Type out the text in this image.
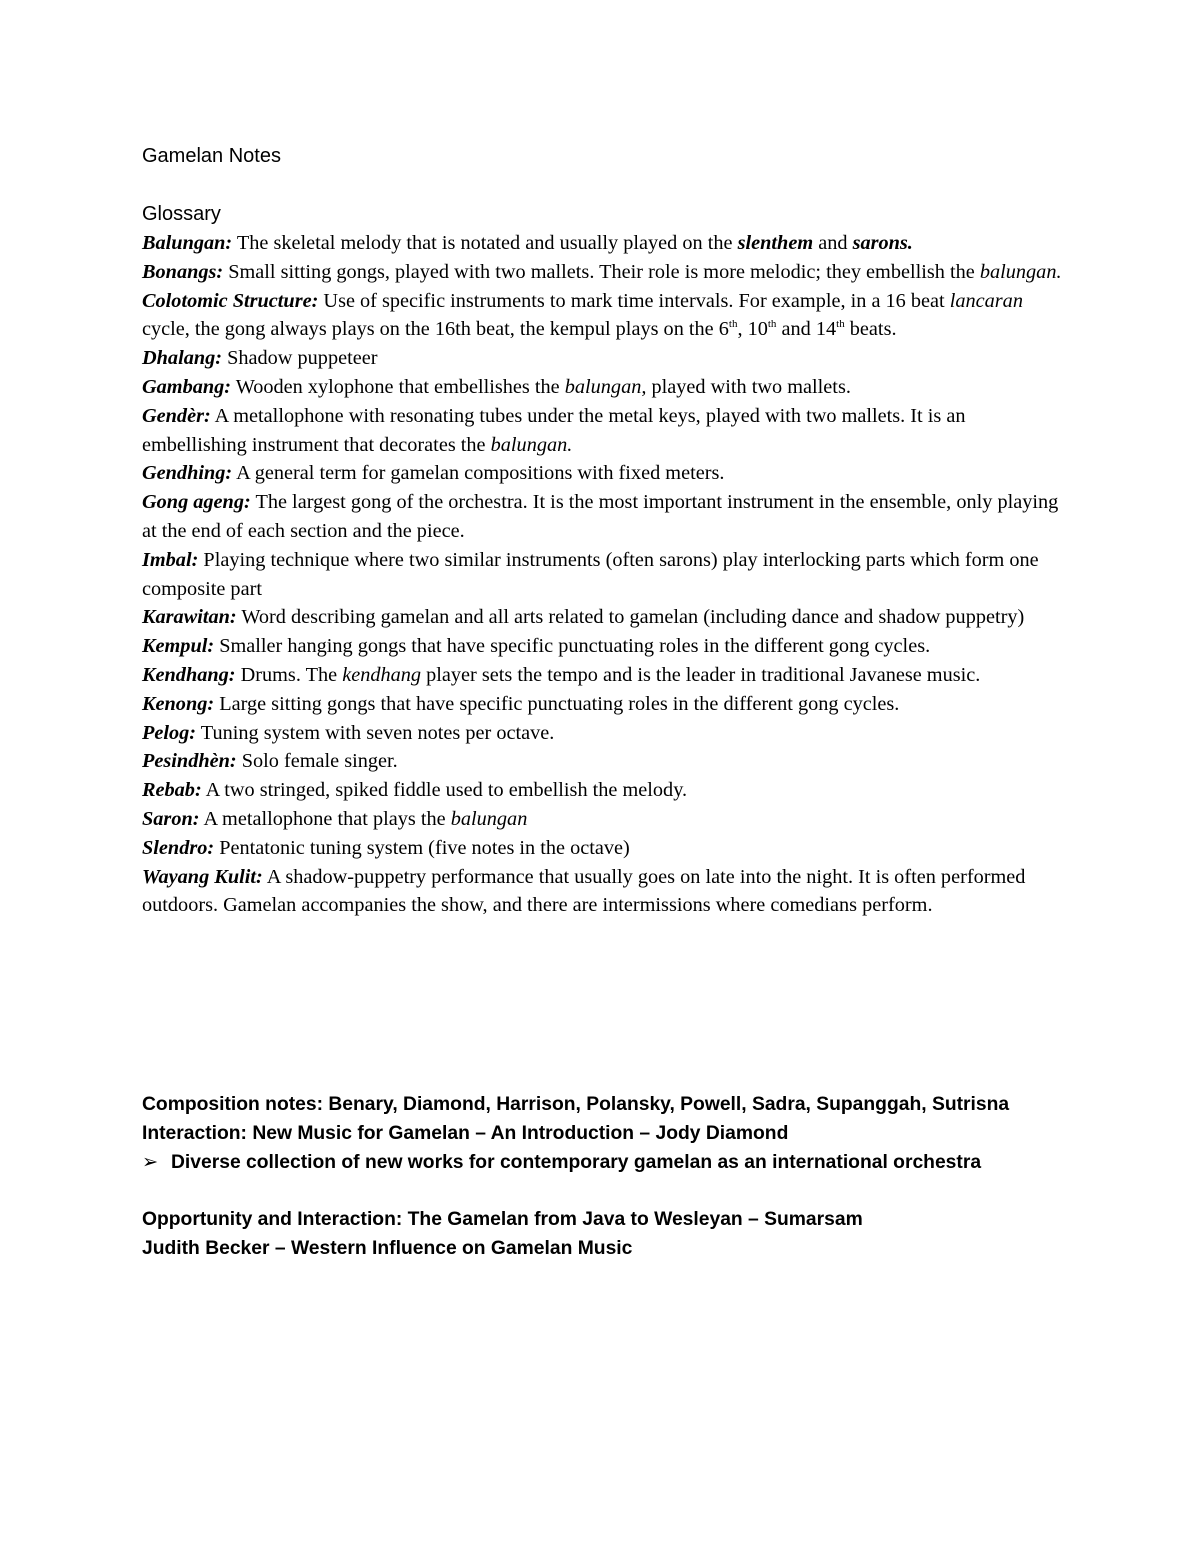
Gamelan Notes
Glossary

Balungan: The skeletal melody that is notated and usually played on the slenthem and sarons.

Bonangs: Small sitting gongs, played with two mallets. Their role is more melodic; they embellish the balungan.

Colotomic Structure: Use of specific instruments to mark time intervals. For example, in a 16 beat lancaran cycle, the gong always plays on the 16th beat, the kempul plays on the 6th, 10th and 14th beats.

Dhalang: Shadow puppeteer

Gambang: Wooden xylophone that embellishes the balungan, played with two mallets.

Gendèr: A metallophone with resonating tubes under the metal keys, played with two mallets. It is an embellishing instrument that decorates the balungan.

Gendhing: A general term for gamelan compositions with fixed meters.

Gong ageng: The largest gong of the orchestra. It is the most important instrument in the ensemble, only playing at the end of each section and the piece.

Imbal: Playing technique where two similar instruments (often sarons) play interlocking parts which form one composite part

Karawitan: Word describing gamelan and all arts related to gamelan (including dance and shadow puppetry)

Kempul: Smaller hanging gongs that have specific punctuating roles in the different gong cycles.

Kendhang: Drums. The kendhang player sets the tempo and is the leader in traditional Javanese music.

Kenong: Large sitting gongs that have specific punctuating roles in the different gong cycles.

Pelog: Tuning system with seven notes per octave.

Pesindhèn: Solo female singer.

Rebab: A two stringed, spiked fiddle used to embellish the melody.

Saron: A metallophone that plays the balungan

Slendro: Pentatonic tuning system (five notes in the octave)

Wayang Kulit: A shadow-puppetry performance that usually goes on late into the night. It is often performed outdoors. Gamelan accompanies the show, and there are intermissions where comedians perform.

Composition notes: Benary, Diamond, Harrison, Polansky, Powell, Sadra, Supanggah, Sutrisna
Interaction: New Music for Gamelan – An Introduction – Jody Diamond
➢ Diverse collection of new works for contemporary gamelan as an international orchestra
Opportunity and Interaction: The Gamelan from Java to Wesleyan – Sumarsam
Judith Becker – Western Influence on Gamelan Music
